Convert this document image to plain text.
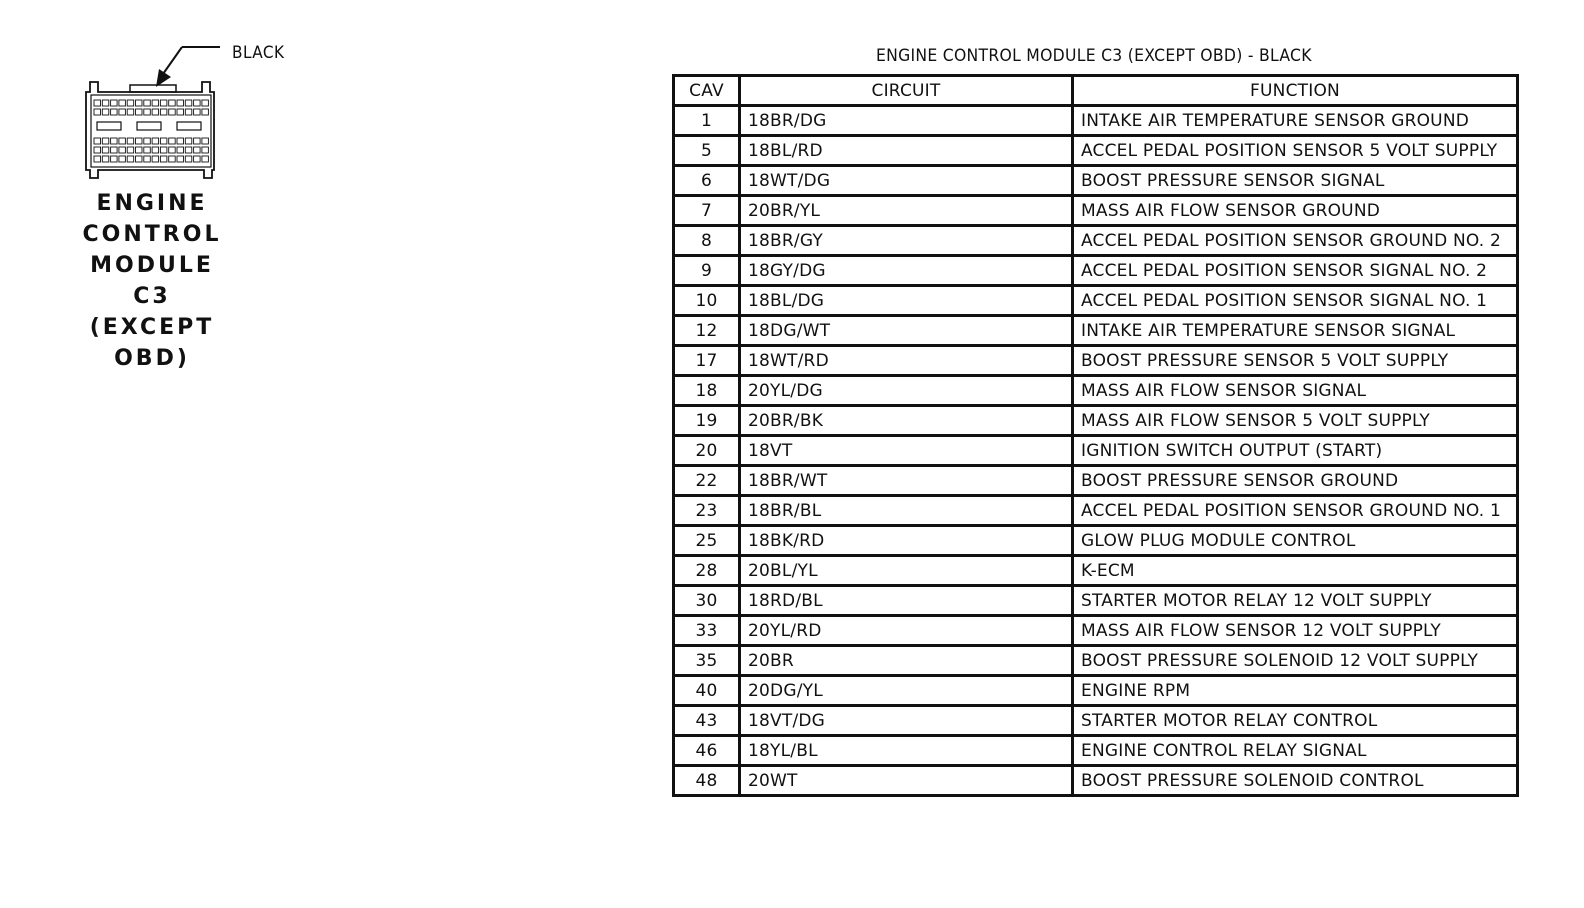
BLACK
ENGINE
CONTROL
MODULE
C3
(EXCEPT OBD)
ENGINE CONTROL MODULE C3 (EXCEPT OBD) - BLACK
CAV	CIRCUIT	FUNCTION
1	18BR/DG	INTAKE AIR TEMPERATURE SENSOR GROUND
5	18BL/RD	ACCEL PEDAL POSITION SENSOR 5 VOLT SUPPLY
6	18WT/DG	BOOST PRESSURE SENSOR SIGNAL
7	20BR/YL	MASS AIR FLOW SENSOR GROUND
8	18BR/GY	ACCEL PEDAL POSITION SENSOR GROUND NO. 2
9	18GY/DG	ACCEL PEDAL POSITION SENSOR SIGNAL NO. 2
10	18BL/DG	ACCEL PEDAL POSITION SENSOR SIGNAL NO. 1
12	18DG/WT	INTAKE AIR TEMPERATURE SENSOR SIGNAL
17	18WT/RD	BOOST PRESSURE SENSOR 5 VOLT SUPPLY
18	20YL/DG	MASS AIR FLOW SENSOR SIGNAL
19	20BR/BK	MASS AIR FLOW SENSOR 5 VOLT SUPPLY
20	18VT	IGNITION SWITCH OUTPUT (START)
22	18BR/WT	BOOST PRESSURE SENSOR GROUND
23	18BR/BL	ACCEL PEDAL POSITION SENSOR GROUND NO. 1
25	18BK/RD	GLOW PLUG MODULE CONTROL
28	20BL/YL	K-ECM
30	18RD/BL	STARTER MOTOR RELAY 12 VOLT SUPPLY
33	20YL/RD	MASS AIR FLOW SENSOR 12 VOLT SUPPLY
35	20BR	BOOST PRESSURE SOLENOID 12 VOLT SUPPLY
40	20DG/YL	ENGINE RPM
43	18VT/DG	STARTER MOTOR RELAY CONTROL
46	18YL/BL	ENGINE CONTROL RELAY SIGNAL
48	20WT	BOOST PRESSURE SOLENOID CONTROL
